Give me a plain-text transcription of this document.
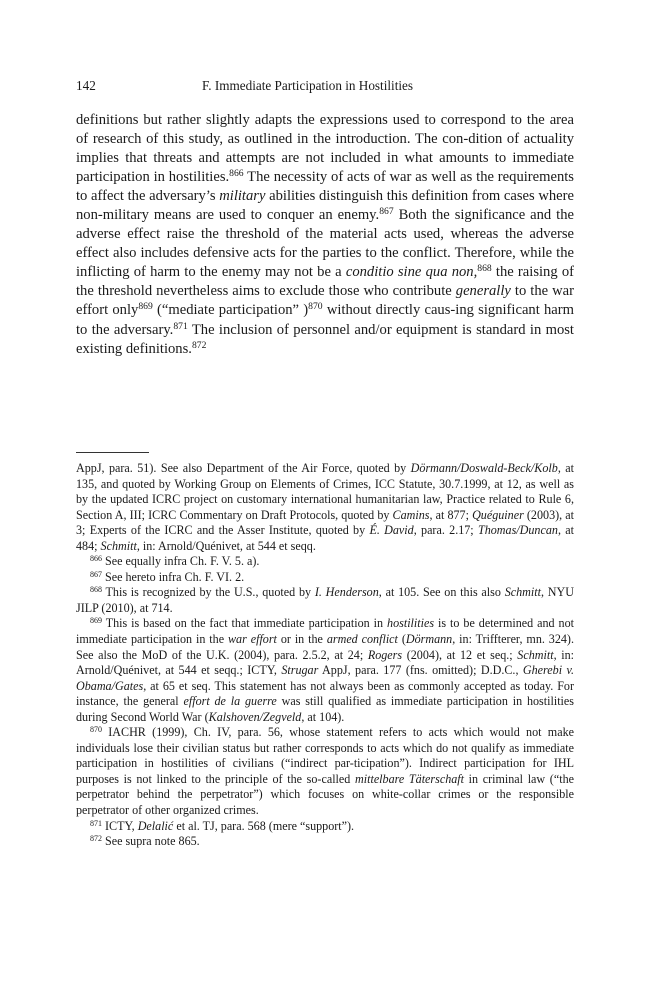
142	F. Immediate Participation in Hostilities

definitions but rather slightly adapts the expressions used to correspond to the area of research of this study, as outlined in the introduction. The con-dition of actuality implies that threats and attempts are not included in what amounts to immediate participation in hostilities.$^{866}$ The necessity of acts of war as well as the requirements to affect the adversary’s military abilities distinguish this definition from cases where non-military means are used to conquer an enemy.$^{867}$ Both the significance and the adverse effect raise the threshold of the material acts used, whereas the adverse effect also includes defensive acts for the parties to the conflict. Therefore, while the inflicting of harm to the enemy may not be a conditio sine qua non,$^{868}$ the raising of the threshold nevertheless aims to exclude those who contribute generally to the war effort only$^{869}$ (“mediate participation” )$^{870}$ without directly caus-ing significant harm to the adversary.$^{871}$ The inclusion of personnel and/or equipment is standard in most existing definitions.$^{872}$

AppJ, para. 51). See also Department of the Air Force, quoted by Dörmann/Doswald-Beck/Kolb, at 135, and quoted by Working Group on Elements of Crimes, ICC Statute, 30.7.1999, at 12, as well as by the updated ICRC project on customary international humanitarian law, Practice related to Rule 6, Section A, III; ICRC Commentary on Draft Protocols, quoted by Camins, at 877; Quéguiner (2003), at 3; Experts of the ICRC and the Asser Institute, quoted by É. David, para. 2.17; Thomas/Duncan, at 484; Schmitt, in: Arnold/Quénivet, at 544 et seqq.

$^{866}$ See equally infra Ch. F. V. 5. a).

$^{867}$ See hereto infra Ch. F. VI. 2.

$^{868}$ This is recognized by the U.S., quoted by I. Henderson, at 105. See on this also Schmitt, NYU JILP (2010), at 714.

$^{869}$ This is based on the fact that immediate participation in hostilities is to be determined and not immediate participation in the war effort or in the armed conflict (Dörmann, in: Triffterer, mn. 324). See also the MoD of the U.K. (2004), para. 2.5.2, at 24; Rogers (2004), at 12 et seq.; Schmitt, in: Arnold/Quénivet, at 544 et seqq.; ICTY, Strugar AppJ, para. 177 (fns. omitted); D.D.C., Gherebi v. Obama/Gates, at 65 et seq. This statement has not always been as commonly accepted as today. For instance, the general effort de la guerre was still qualified as immediate participation in hostilities during Second World War (Kalshoven/Zegveld, at 104).

$^{870}$ IACHR (1999), Ch. IV, para. 56, whose statement refers to acts which would not make individuals lose their civilian status but rather corresponds to acts which do not qualify as immediate participation in hostilities of civilians (“indirect par-ticipation”). Indirect participation for IHL purposes is not linked to the principle of the so-called mittelbare Täterschaft in criminal law (“the perpetrator behind the perpetrator”) which focuses on white-collar crimes or the responsible perpetrator of other organized crimes.

$^{871}$ ICTY, Delalić et al. TJ, para. 568 (mere “support”).

$^{872}$ See supra note 865.
